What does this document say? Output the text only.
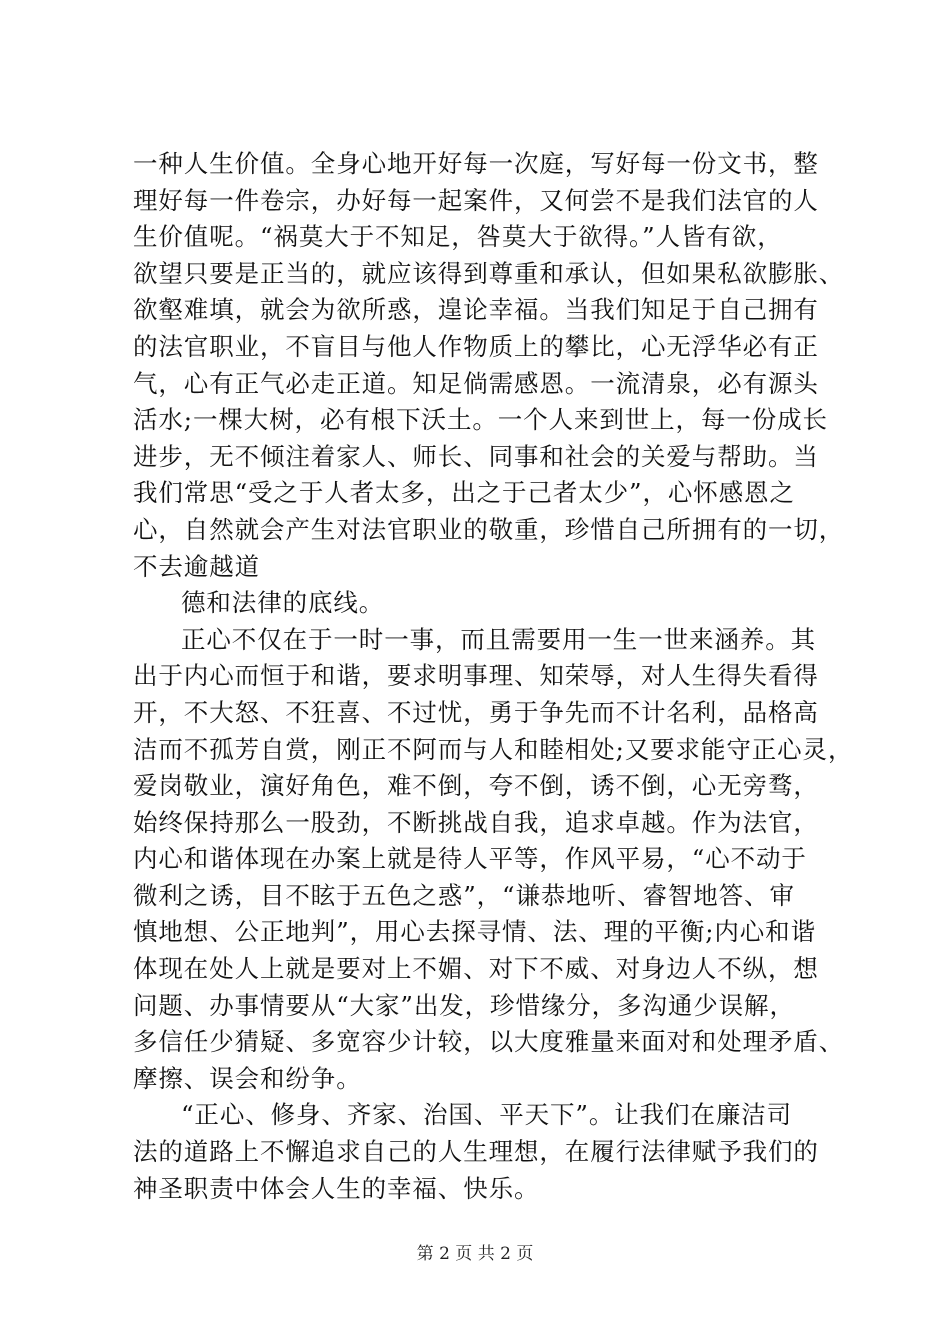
一种人生价值。全身心地开好每一次庭，写好每一份文书，整
理好每一件卷宗，办好每一起案件，又何尝不是我们法官的人
生价值呢。“祸莫大于不知足，咎莫大于欲得。”人皆有欲，
欲望只要是正当的，就应该得到尊重和承认，但如果私欲膨胀、
欲壑难填，就会为欲所惑，遑论幸福。当我们知足于自己拥有
的法官职业，不盲目与他人作物质上的攀比，心无浮华必有正
气，心有正气必走正道。知足倘需感恩。一流清泉，必有源头
活水;一棵大树，必有根下沃土。一个人来到世上，每一份成长
进步，无不倾注着家人、师长、同事和社会的关爱与帮助。当
我们常思“受之于人者太多，出之于己者太少”，心怀感恩之
心，自然就会产生对法官职业的敬重，珍惜自己所拥有的一切，
不去逾越道
德和法律的底线。
正心不仅在于一时一事，而且需要用一生一世来涵养。其
出于内心而恒于和谐，要求明事理、知荣辱，对人生得失看得
开，不大怒、不狂喜、不过忧，勇于争先而不计名利，品格高
洁而不孤芳自赏，刚正不阿而与人和睦相处;又要求能守正心灵，
爱岗敬业，演好角色，难不倒，夸不倒，诱不倒，心无旁骛，
始终保持那么一股劲，不断挑战自我，追求卓越。作为法官，
内心和谐体现在办案上就是待人平等，作风平易，“心不动于
微利之诱，目不眩于五色之惑”，“谦恭地听、睿智地答、审
慎地想、公正地判”，用心去探寻情、法、理的平衡;内心和谐
体现在处人上就是要对上不媚、对下不威、对身边人不纵，想
问题、办事情要从“大家”出发，珍惜缘分，多沟通少误解，
多信任少猜疑、多宽容少计较，以大度雅量来面对和处理矛盾、
摩擦、误会和纷争。
“正心、修身、齐家、治国、平天下”。让我们在廉洁司
法的道路上不懈追求自己的人生理想，在履行法律赋予我们的
神圣职责中体会人生的幸福、快乐。
第 2 页 共 2 页
